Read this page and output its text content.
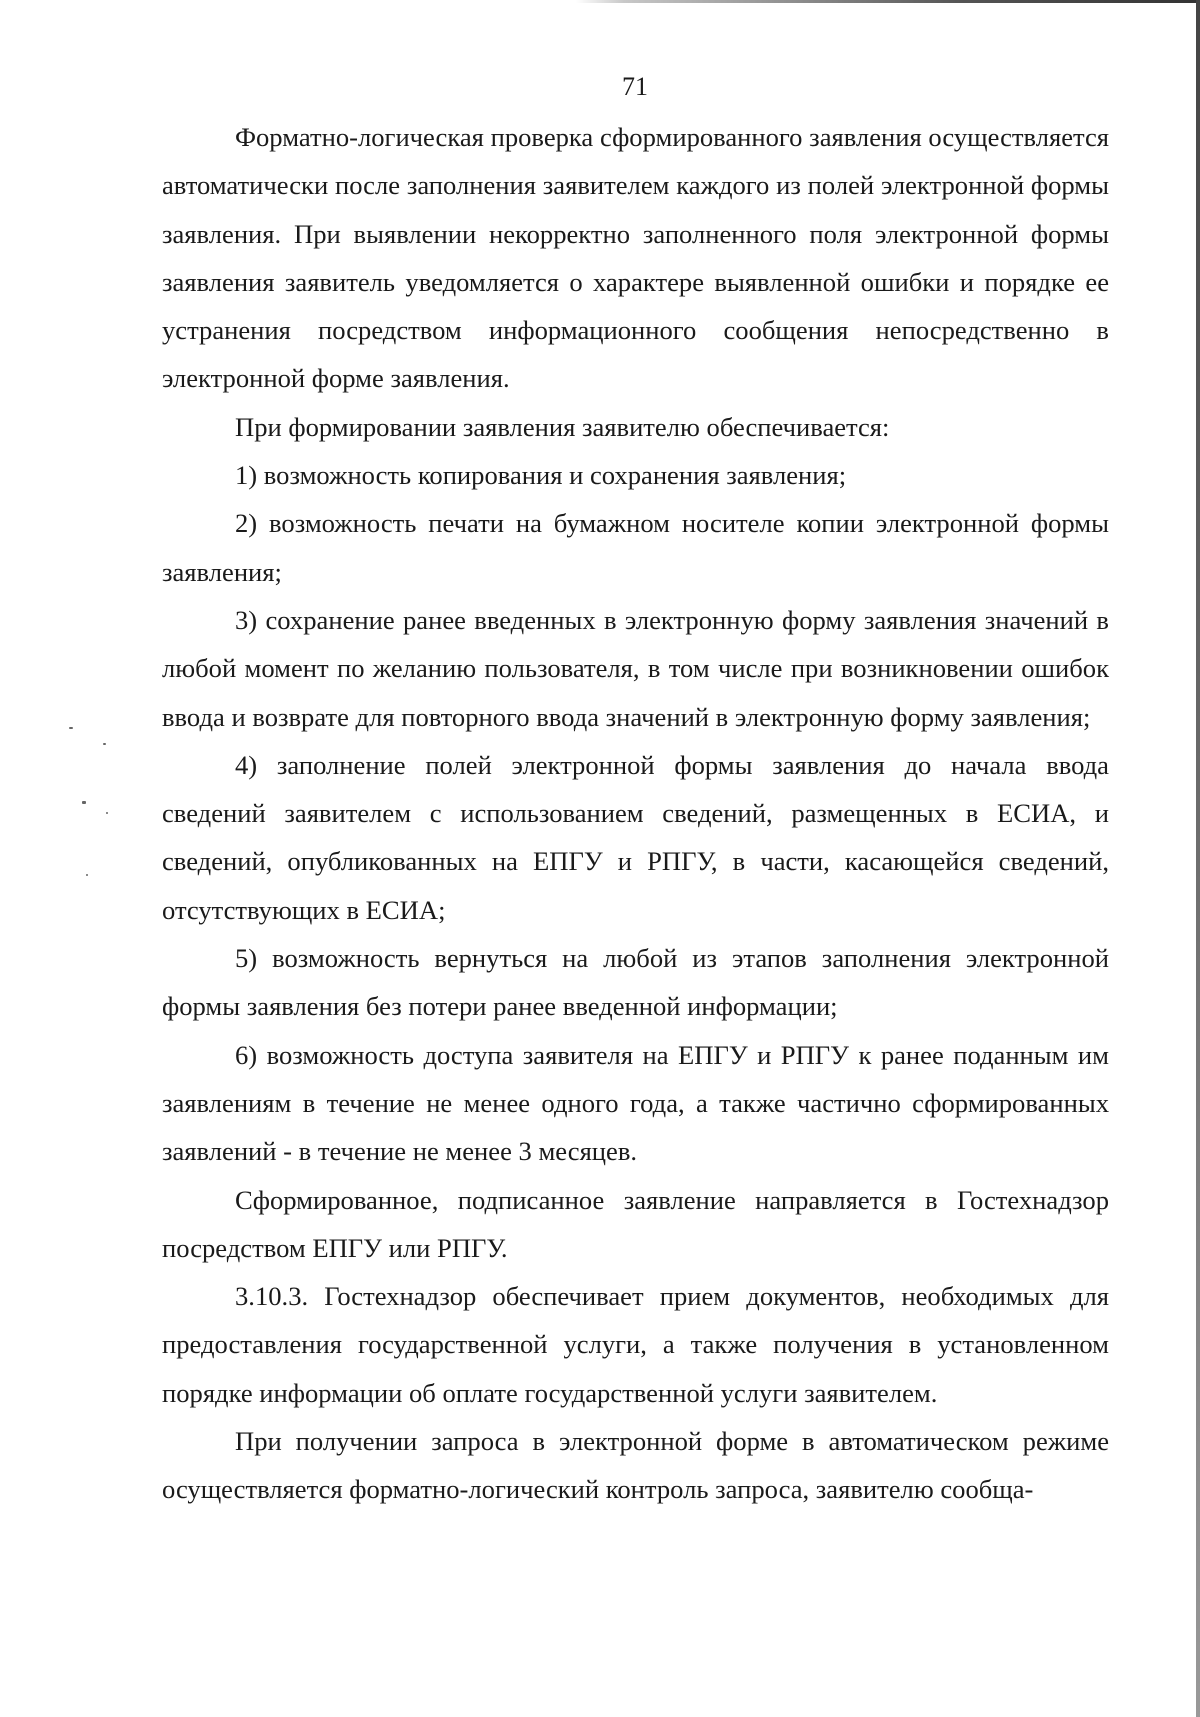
71

Форматно-логическая проверка сформированного заявления осуществляется автоматически после заполнения заявителем каждого из полей электронной формы заявления. При выявлении некорректно заполненного поля электронной формы заявления заявитель уведомляется о характере выявленной ошибки и порядке ее устранения посредством информационного сообщения непосредственно в электронной форме заявления.

При формировании заявления заявителю обеспечивается:

1) возможность копирования и сохранения заявления;

2) возможность печати на бумажном носителе копии электронной формы заявления;

3) сохранение ранее введенных в электронную форму заявления значений в любой момент по желанию пользователя, в том числе при возникновении ошибок ввода и возврате для повторного ввода значений в электронную форму заявления;

4) заполнение полей электронной формы заявления до начала ввода сведений заявителем с использованием сведений, размещенных в ЕСИА, и сведений, опубликованных на ЕПГУ и РПГУ, в части, касающейся сведений, отсутствующих в ЕСИА;

5) возможность вернуться на любой из этапов заполнения электронной формы заявления без потери ранее введенной информации;

6) возможность доступа заявителя на ЕПГУ и РПГУ к ранее поданным им заявлениям в течение не менее одного года, а также частично сформированных заявлений - в течение не менее 3 месяцев.

Сформированное, подписанное заявление направляется в Гостехнадзор посредством ЕПГУ или РПГУ.

3.10.3. Гостехнадзор обеспечивает прием документов, необходимых для предоставления государственной услуги, а также получения в установленном порядке информации об оплате государственной услуги заявителем.

При получении запроса в электронной форме в автоматическом режиме осуществляется форматно-логический контроль запроса, заявителю сообща-
